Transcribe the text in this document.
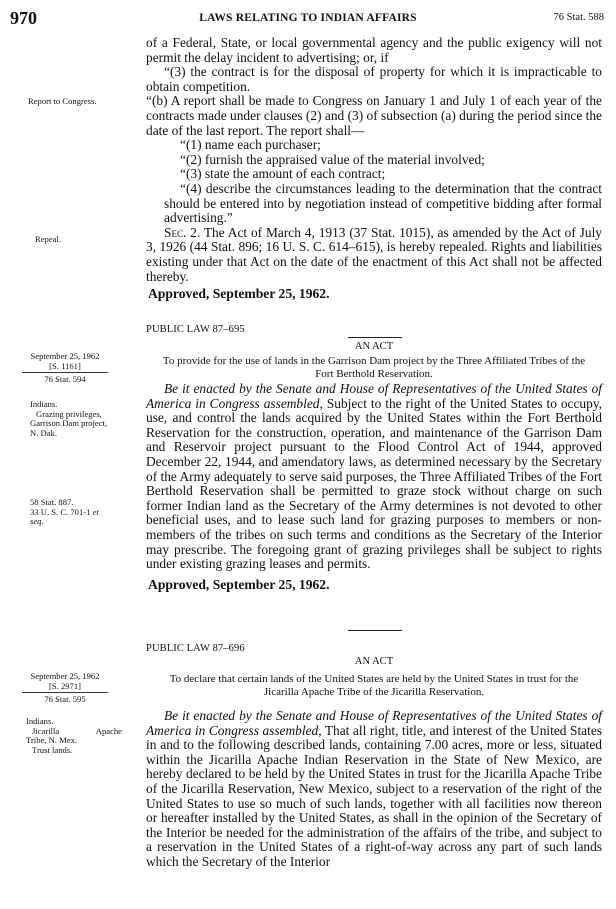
970	LAWS RELATING TO INDIAN AFFAIRS	76 Stat. 588

of a Federal, State, or local governmental agency and the public exigency will not permit the delay incident to advertising; or, if

“(3) the contract is for the disposal of property for which it is impracticable to obtain competition.

“(b) A report shall be made to Congress on January 1 and July 1 of each year of the contracts made under clauses (2) and (3) of subsection (a) during the period since the date of the last report. The report shall—

“(1) name each purchaser;

“(2) furnish the appraised value of the material involved;

“(3) state the amount of each contract;

“(4) describe the circumstances leading to the determination that the contract should be entered into by negotiation instead of competitive bidding after formal advertising.”

Sec. 2. The Act of March 4, 1913 (37 Stat. 1015), as amended by the Act of July 3, 1926 (44 Stat. 896; 16 U. S. C. 614–615), is hereby repealed. Rights and liabilities existing under that Act on the date of the enactment of this Act shall not be affected thereby.

Approved, September 25, 1962.

Report to Congress.
Repeal.
PUBLIC LAW 87–695
AN ACT
To provide for the use of lands in the Garrison Dam project by the Three Affiliated Tribes of the Fort Berthold Reservation.
September 25, 1962
[S. 1161]
76 Stat. 594
Indians.
Grazing privileges,
Garrison Dam project,
N. Dak.
58 Stat. 887.
33 U. S. C. 701-1 et
seq.

Be it enacted by the Senate and House of Representatives of the United States of America in Congress assembled, Subject to the right of the United States to occupy, use, and control the lands acquired by the United States within the Fort Berthold Reservation for the construction, operation, and maintenance of the Garrison Dam and Reservoir project pursuant to the Flood Control Act of 1944, approved December 22, 1944, and amendatory laws, as determined necessary by the Secretary of the Army adequately to serve said purposes, the Three Affiliated Tribes of the Fort Berthold Reservation shall be permitted to graze stock without charge on such former Indian land as the Secretary of the Army determines is not devoted to other beneficial uses, and to lease such land for grazing purposes to members or non-members of the tribes on such terms and conditions as the Secretary of the Interior may prescribe. The foregoing grant of grazing privileges shall be subject to rights under existing grazing leases and permits.

Approved, September 25, 1962.

PUBLIC LAW 87–696
AN ACT
To declare that certain lands of the United States are held by the United States in trust for the Jicarilla Apache Tribe of the Jicarilla Reservation.
September 25, 1962
[S. 2971]
76 Stat. 595
Indians.
Jicarilla	Apache
Tribe, N. Mex.
Trust lands.

Be it enacted by the Senate and House of Representatives of the United States of America in Congress assembled, That all right, title, and interest of the United States in and to the following described lands, containing 7.00 acres, more or less, situated within the Jicarilla Apache Indian Reservation in the State of New Mexico, are hereby declared to be held by the United States in trust for the Jicarilla Apache Tribe of the Jicarilla Reservation, New Mexico, subject to a reservation of the right of the United States to use so much of such lands, together with all facilities now thereon or hereafter installed by the United States, as shall in the opinion of the Secretary of the Interior be needed for the administration of the affairs of the tribe, and subject to a reservation in the United States of a right-of-way across any part of such lands which the Secretary of the Interior
